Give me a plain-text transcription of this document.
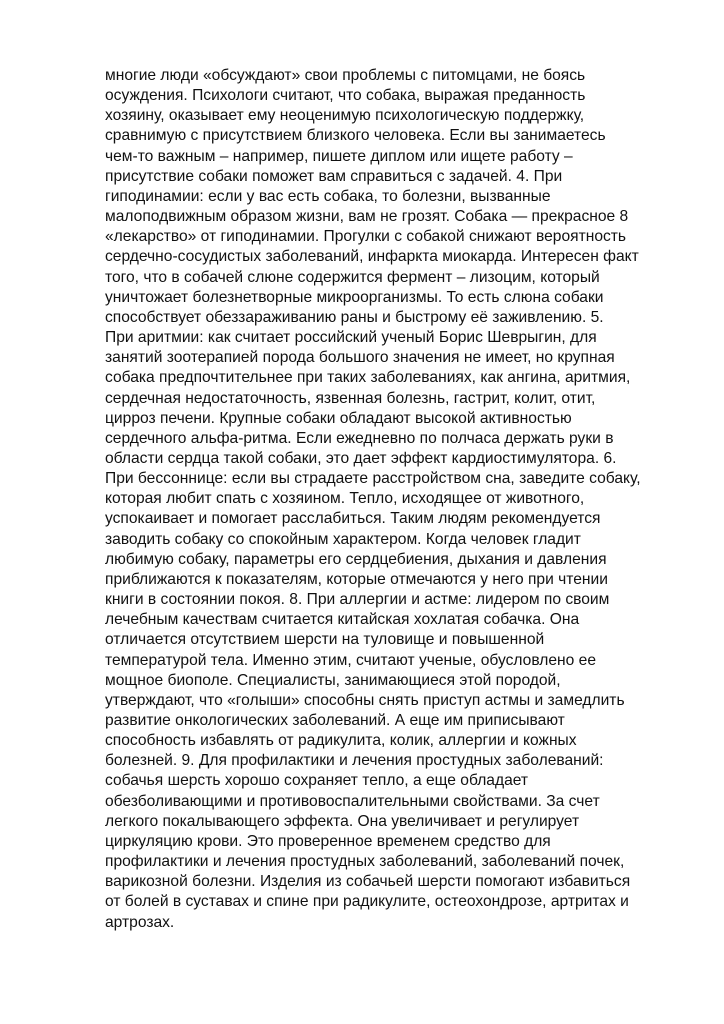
многие люди «обсуждают» свои проблемы с питомцами, не боясь
осуждения. Психологи считают, что собака, выражая преданность
хозяину, оказывает ему неоценимую психологическую поддержку,
сравнимую с присутствием близкого человека. Если вы занимаетесь
чем-то важным – например, пишете диплом или ищете работу –
присутствие собаки поможет вам справиться с задачей. 4. При
гиподинамии: если у вас есть собака, то болезни, вызванные
малоподвижным образом жизни, вам не грозят. Собака — прекрасное 8
«лекарство» от гиподинамии. Прогулки с собакой снижают вероятность
сердечно-сосудистых заболеваний, инфаркта миокарда. Интересен факт
того, что в собачей слюне содержится фермент – лизоцим, который
уничтожает болезнетворные микроорганизмы. То есть слюна собаки
способствует обеззараживанию раны и быстрому её заживлению. 5.
При аритмии: как считает российский ученый Борис Шеврыгин, для
занятий зоотерапией порода большого значения не имеет, но крупная
собака предпочтительнее при таких заболеваниях, как ангина, аритмия,
сердечная недостаточность, язвенная болезнь, гастрит, колит, отит,
цирроз печени. Крупные собаки обладают высокой активностью
сердечного альфа-ритма. Если ежедневно по полчаса держать руки в
области сердца такой собаки, это дает эффект кардиостимулятора. 6.
При бессоннице: если вы страдаете расстройством сна, заведите собаку,
которая любит спать с хозяином. Тепло, исходящее от животного,
успокаивает и помогает расслабиться. Таким людям рекомендуется
заводить собаку со спокойным характером. Когда человек гладит
любимую собаку, параметры его сердцебиения, дыхания и давления
приближаются к показателям, которые отмечаются у него при чтении
книги в состоянии покоя. 8. При аллергии и астме: лидером по своим
лечебным качествам считается китайская хохлатая собачка. Она
отличается отсутствием шерсти на туловище и повышенной
температурой тела. Именно этим, считают ученые, обусловлено ее
мощное биополе. Специалисты, занимающиеся этой породой,
утверждают, что «голыши» способны снять приступ астмы и замедлить
развитие онкологических заболеваний. А еще им приписывают
способность избавлять от радикулита, колик, аллергии и кожных
болезней. 9. Для профилактики и лечения простудных заболеваний:
собачья шерсть хорошо сохраняет тепло, а еще обладает
обезболивающими и противовоспалительными свойствами. За счет
легкого покалывающего эффекта. Она увеличивает и регулирует
циркуляцию крови. Это проверенное временем средство для
профилактики и лечения простудных заболеваний, заболеваний почек,
варикозной болезни. Изделия из собачьей шерсти помогают избавиться
от болей в суставах и спине при радикулите, остеохондрозе, артритах и
артрозах.
